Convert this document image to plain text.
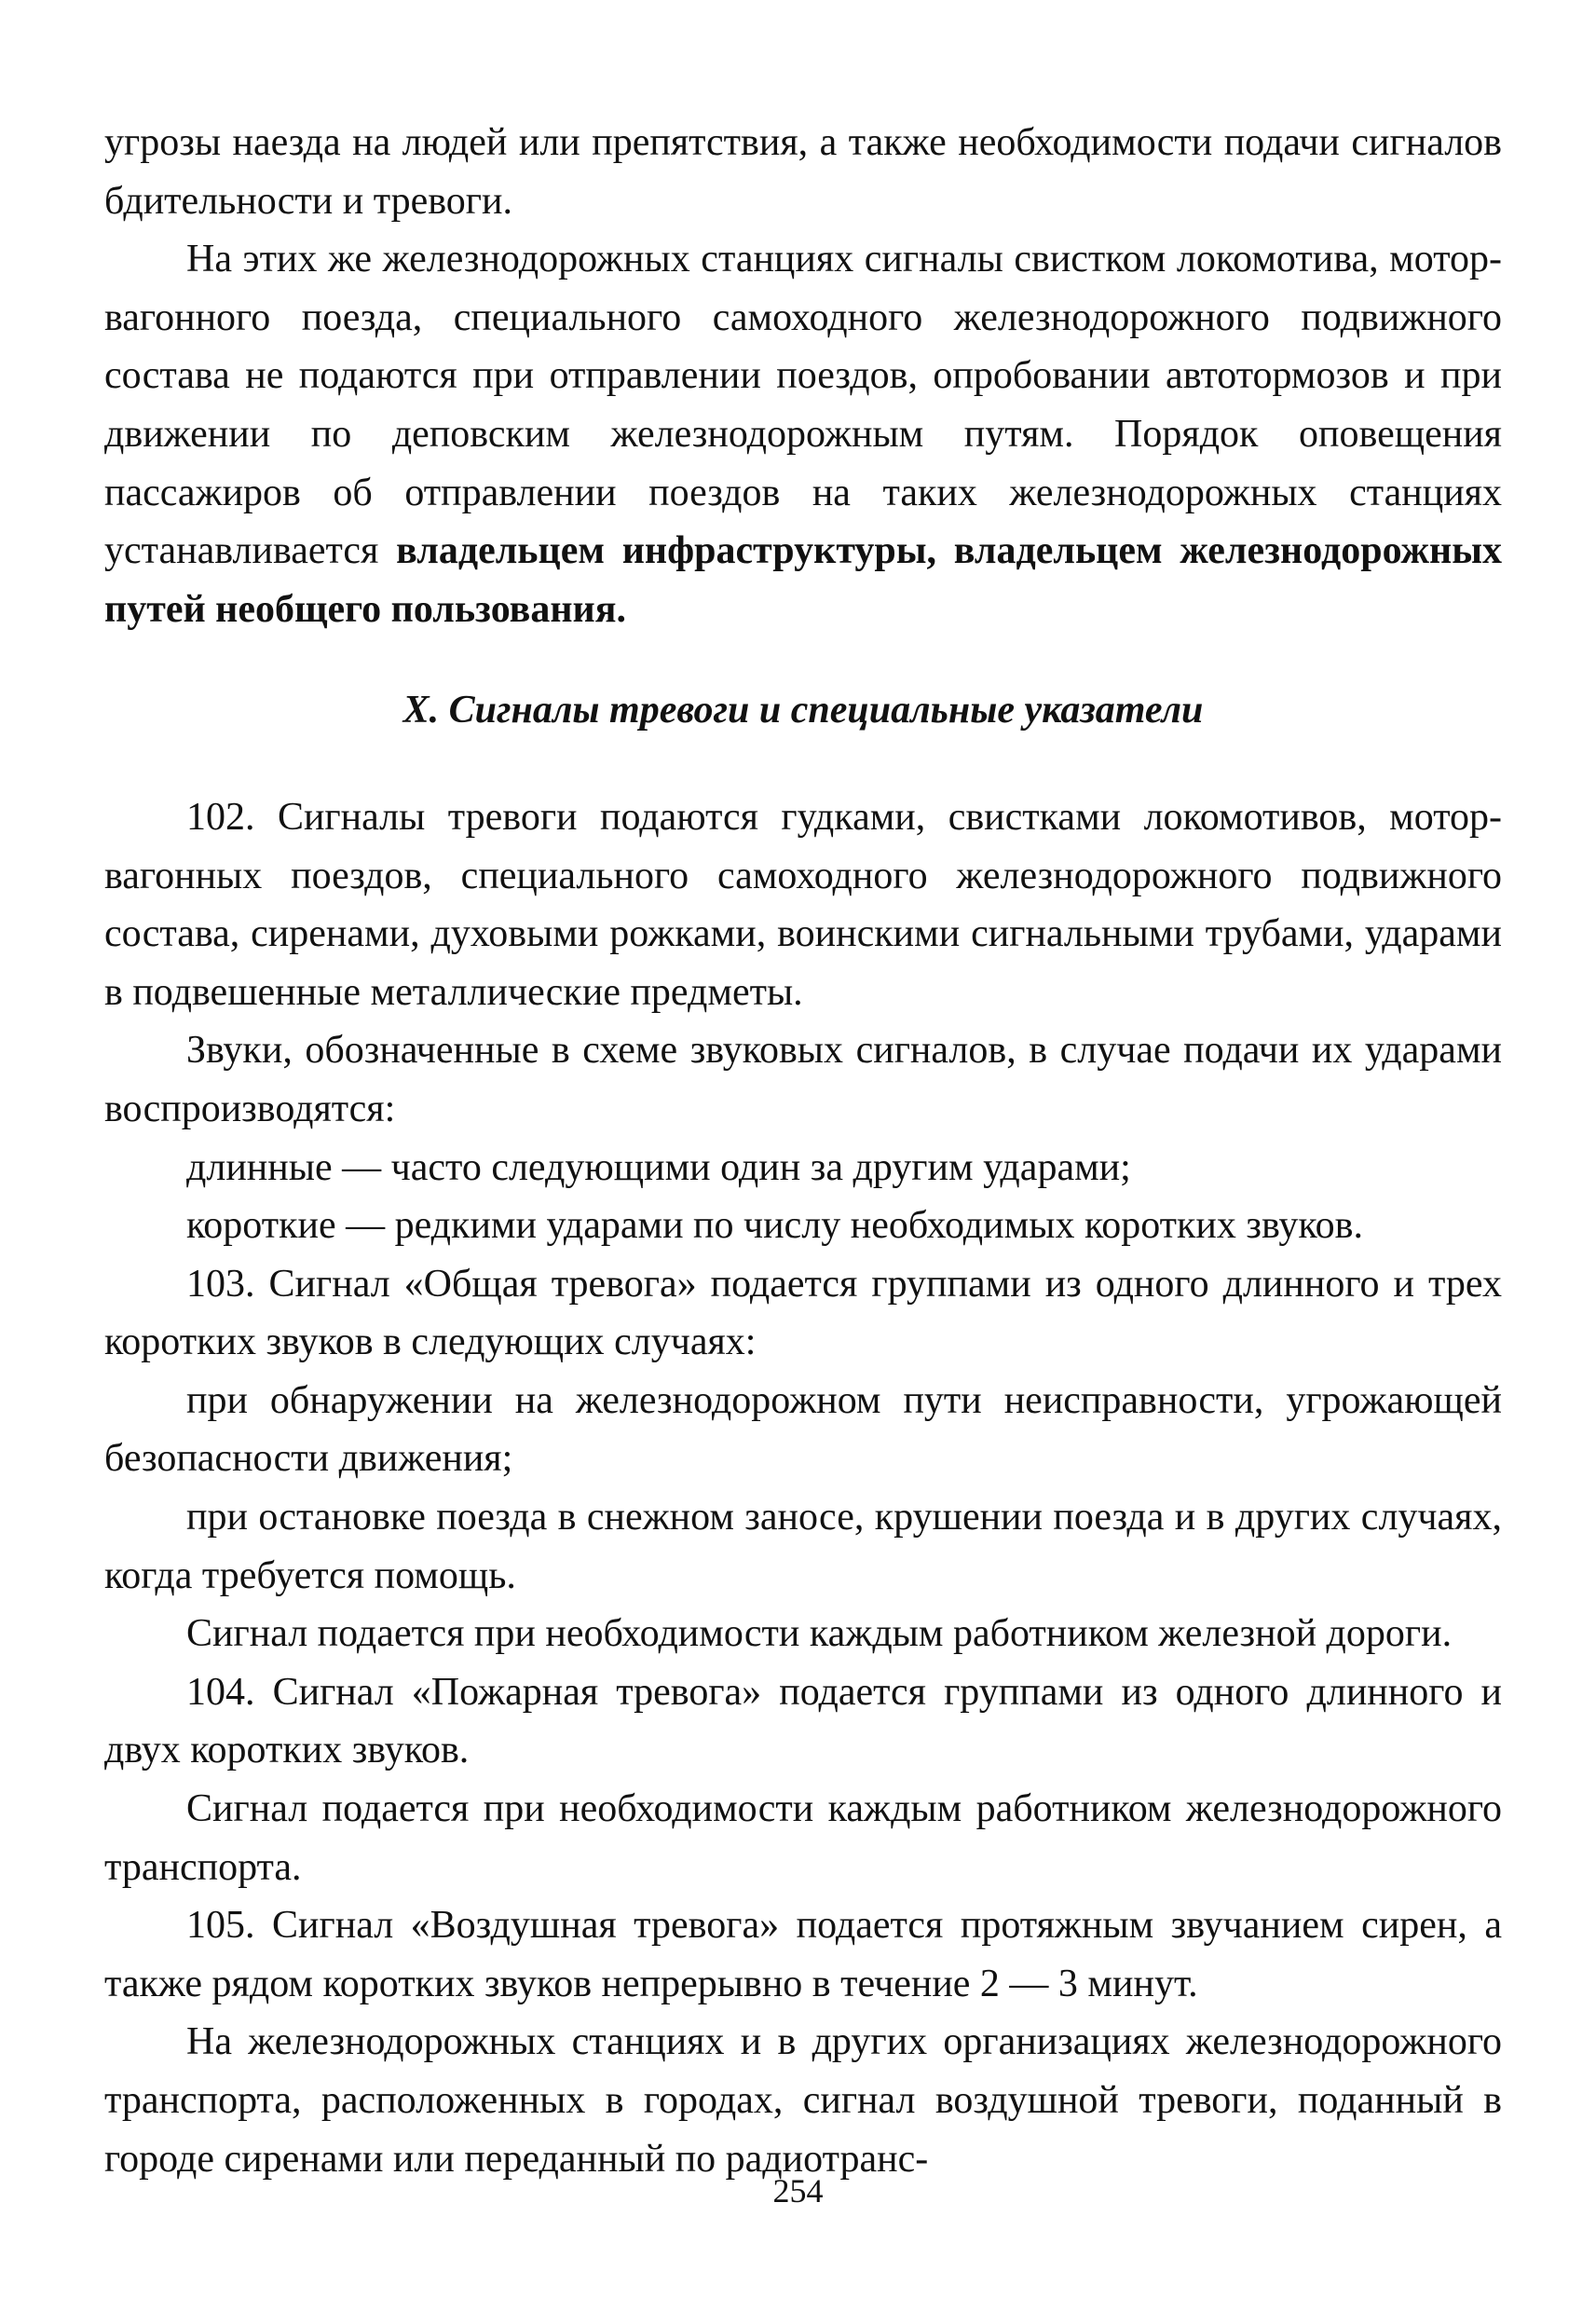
угрозы наезда на людей или препятствия, а также необходимости подачи сигналов бдительности и тревоги.

На этих же железнодорожных станциях сигналы свистком локомотива, мотор-вагонного поезда, специального самоходного железнодорожного подвижного состава не подаются при отправлении поездов, опробовании автотормозов и при движении по деповским железнодорожным путям. Порядок оповещения пассажиров об отправлении поездов на таких железнодорожных станциях устанавливается владельцем инфраструктуры, владельцем железнодорожных путей необщего пользования.

X. Сигналы тревоги и специальные указатели

102. Сигналы тревоги подаются гудками, свистками локомотивов, мотор-вагонных поездов, специального самоходного железнодорожного подвижного состава, сиренами, духовыми рожками, воинскими сигнальными трубами, ударами в подвешенные металлические предметы.

Звуки, обозначенные в схеме звуковых сигналов, в случае подачи их ударами воспроизводятся:

длинные — часто следующими один за другим ударами;

короткие — редкими ударами по числу необходимых коротких звуков.

103. Сигнал «Общая тревога» подается группами из одного длинного и трех коротких звуков в следующих случаях:

при обнаружении на железнодорожном пути неисправности, угрожающей безопасности движения;

при остановке поезда в снежном заносе, крушении поезда и в других случаях, когда требуется помощь.

Сигнал подается при необходимости каждым работником железной дороги.

104. Сигнал «Пожарная тревога» подается группами из одного длинного и двух коротких звуков.

Сигнал подается при необходимости каждым работником железнодорожного транспорта.

105. Сигнал «Воздушная тревога» подается протяжным звучанием сирен, а также рядом коротких звуков непрерывно в течение 2 — 3 минут.

На железнодорожных станциях и в других организациях железнодорожного транспорта, расположенных в городах, сигнал воздушной тревоги, поданный в городе сиренами или переданный по радиотранс-

254
